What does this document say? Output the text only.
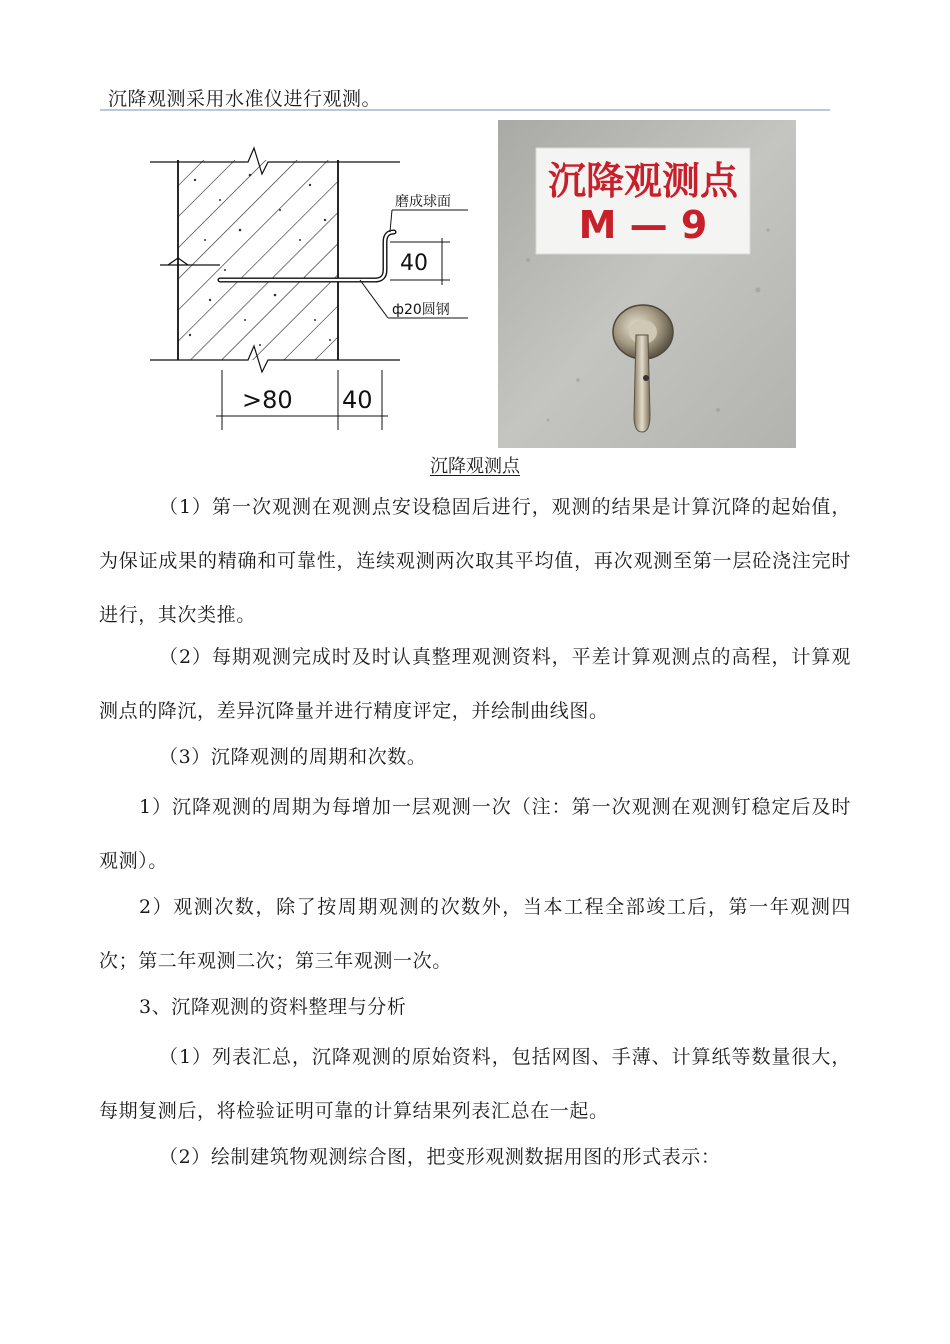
沉降观测采用水准仪进行观测。
磨成球面
40
ф20圆钢
>80 40
沉降观测点
M — 9
沉降观测点

（1）第一次观测在观测点安设稳固后进行，观测的结果是计算沉降的起始值，为保证成果的精确和可靠性，连续观测两次取其平均值，再次观测至第一层砼浇注完时进行，其次类推。

（2）每期观测完成时及时认真整理观测资料，平差计算观测点的高程，计算观测点的降沉，差异沉降量并进行精度评定，并绘制曲线图。

（3）沉降观测的周期和次数。

1）沉降观测的周期为每增加一层观测一次（注：第一次观测在观测钉稳定后及时观测）。

2）观测次数，除了按周期观测的次数外，当本工程全部竣工后，第一年观测四次；第二年观测二次；第三年观测一次。

3、沉降观测的资料整理与分析

（1）列表汇总，沉降观测的原始资料，包括网图、手薄、计算纸等数量很大，每期复测后，将检验证明可靠的计算结果列表汇总在一起。

（2）绘制建筑物观测综合图，把变形观测数据用图的形式表示：
